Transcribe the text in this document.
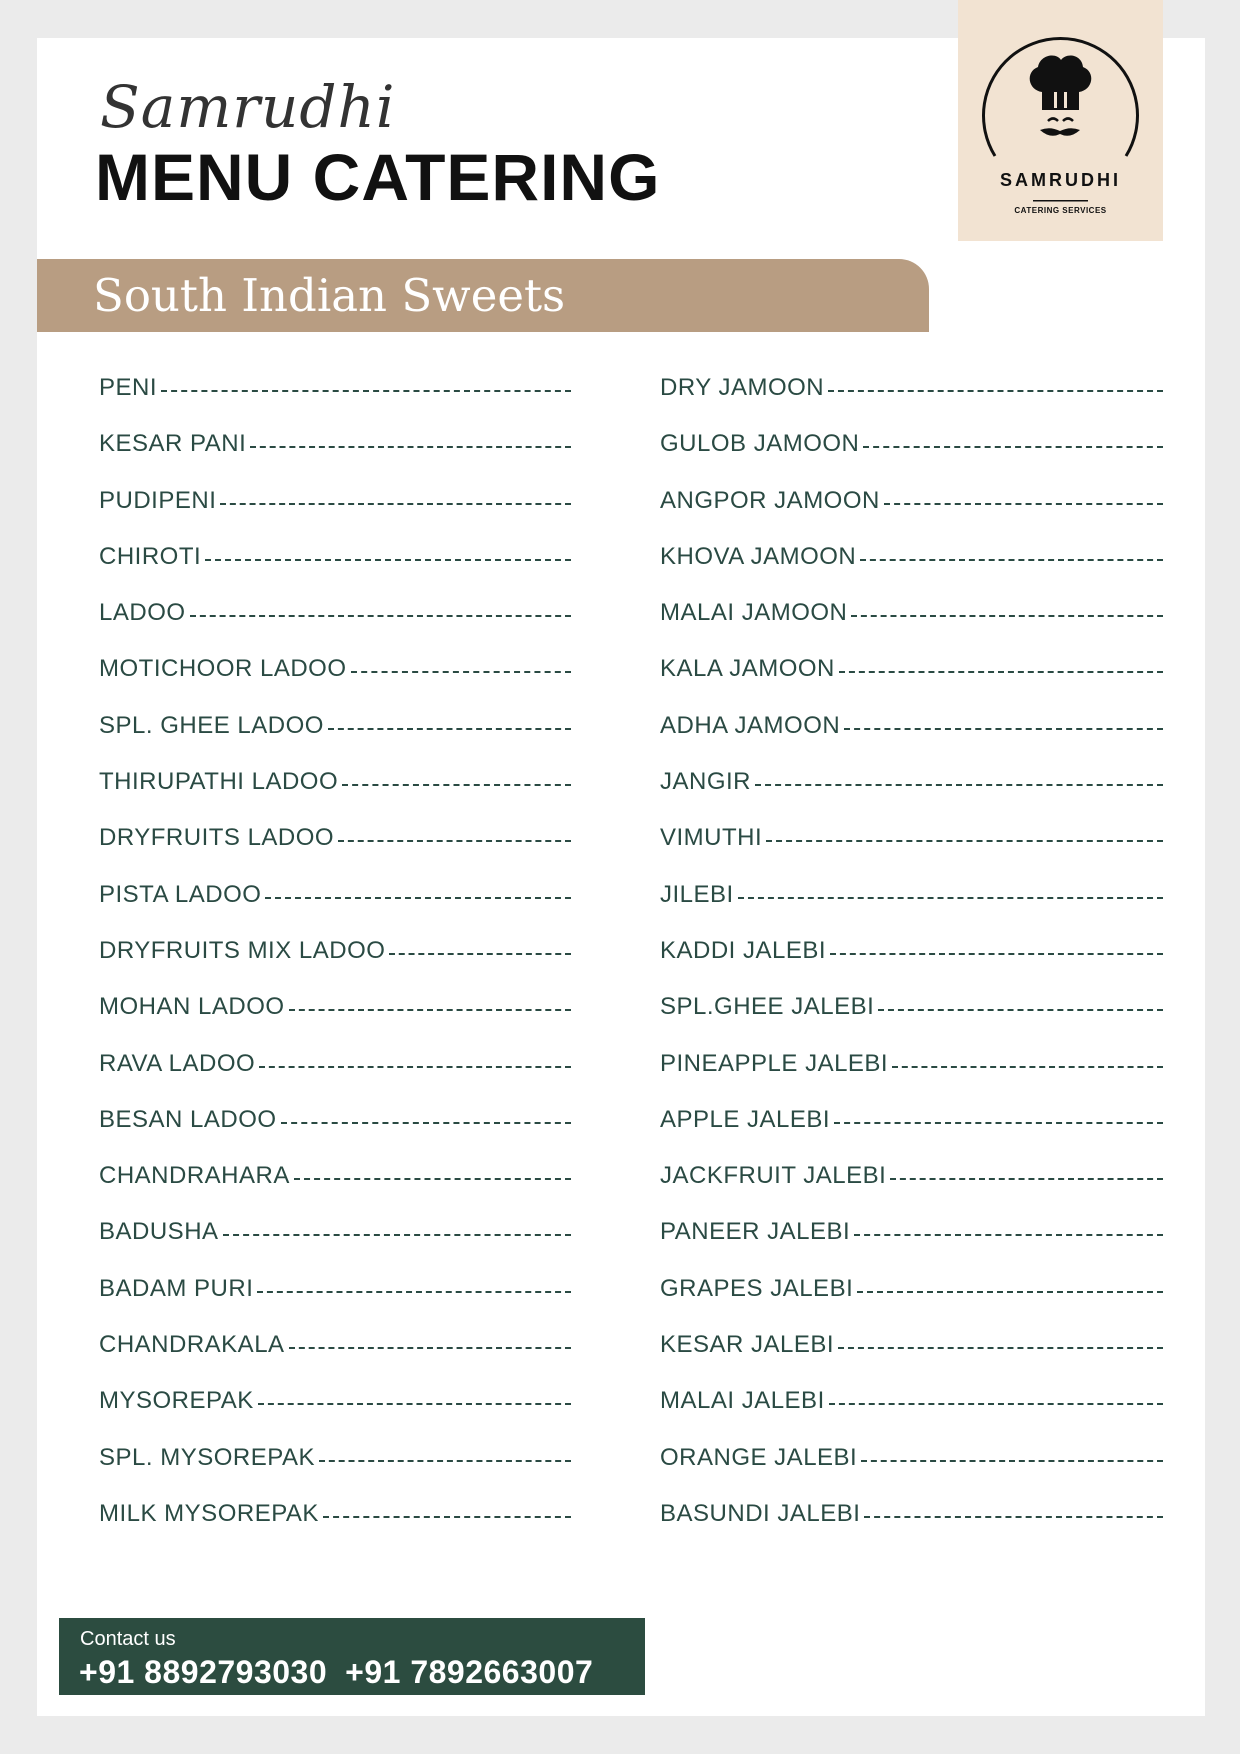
Samrudhi
MENU CATERING	SAMRUDHI
CATERING SERVICES
South Indian Sweets
PENI
KESAR PANI
PUDIPENI
CHIROTI
LADOO
MOTICHOOR LADOO
SPL. GHEE LADOO
THIRUPATHI LADOO
DRYFRUITS LADOO
PISTA LADOO
DRYFRUITS MIX LADOO
MOHAN LADOO
RAVA LADOO
BESAN LADOO
CHANDRAHARA
BADUSHA
BADAM PURI
CHANDRAKALA
MYSOREPAK
SPL. MYSOREPAK
MILK MYSOREPAK
DRY JAMOON
GULOB JAMOON
ANGPOR JAMOON
KHOVA JAMOON
MALAI JAMOON
KALA JAMOON
ADHA JAMOON
JANGIR
VIMUTHI
JILEBI
KADDI JALEBI
SPL.GHEE JALEBI
PINEAPPLE JALEBI
APPLE JALEBI
JACKFRUIT JALEBI
PANEER JALEBI
GRAPES JALEBI
KESAR JALEBI
MALAI JALEBI
ORANGE JALEBI
BASUNDI JALEBI
Contact us
+91 8892793030 +91 7892663007
